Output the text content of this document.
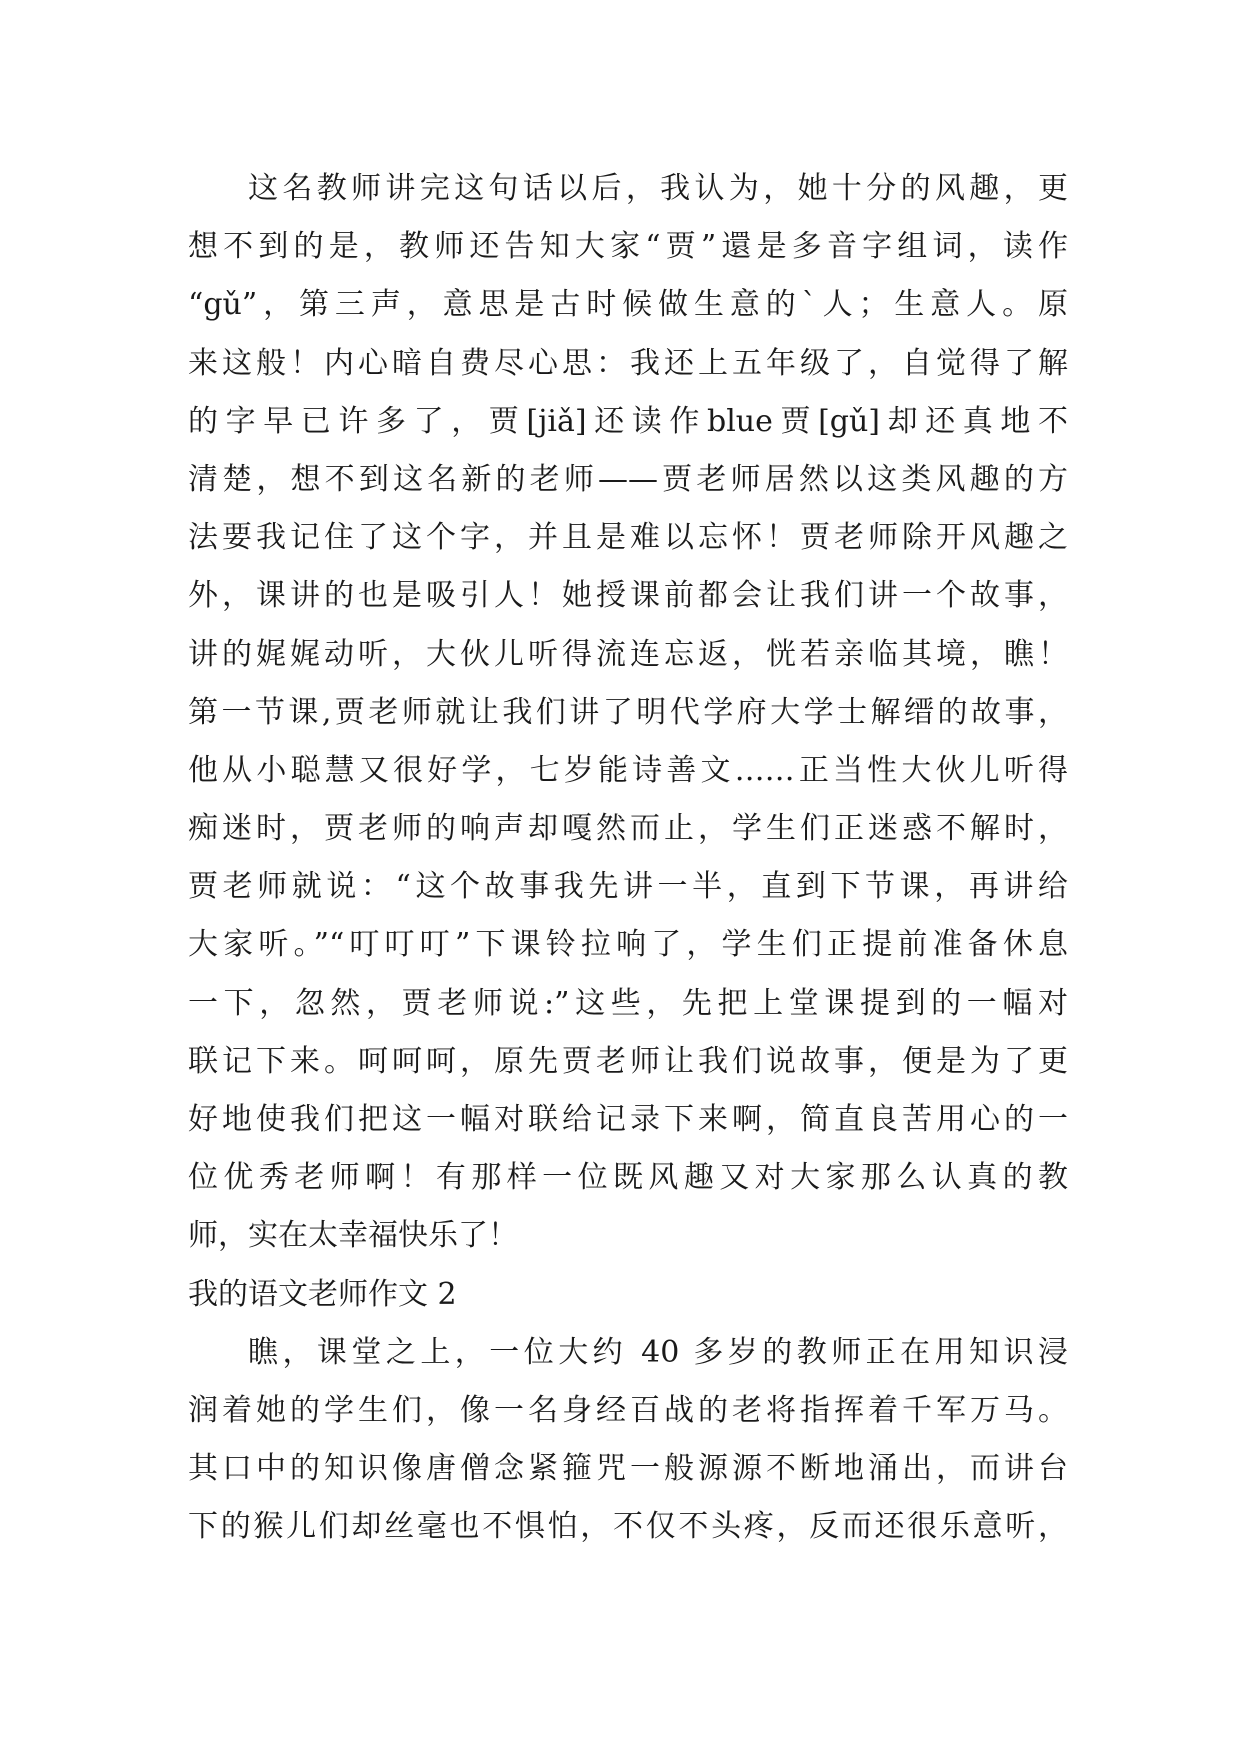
这名教师讲完这句话以后，我认为，她十分的风趣，更
想不到的是，教师还告知大家“贾”還是多音字组词，读作
“gǔ”，第三声，意思是古时候做生意的`人；生意人。原
来这般！内心暗自费尽心思：我还上五年级了，自觉得了解
的字早已许多了，贾[jiǎ]还读作blue贾[gǔ]却还真地不
清楚，想不到这名新的老师——贾老师居然以这类风趣的方
法要我记住了这个字，并且是难以忘怀！贾老师除开风趣之
外，课讲的也是吸引人！她授课前都会让我们讲一个故事，
讲的娓娓动听，大伙儿听得流连忘返，恍若亲临其境，瞧！
第一节课,贾老师就让我们讲了明代学府大学士解缙的故事，
他从小聪慧又很好学，七岁能诗善文……正当性大伙儿听得
痴迷时，贾老师的响声却嘎然而止，学生们正迷惑不解时，
贾老师就说：“这个故事我先讲一半，直到下节课，再讲给
大家听。”“叮叮叮”下课铃拉响了，学生们正提前准备休息
一下，忽然，贾老师说:”这些，先把上堂课提到的一幅对
联记下来。呵呵呵，原先贾老师让我们说故事，便是为了更
好地使我们把这一幅对联给记录下来啊，简直良苦用心的一
位优秀老师啊！有那样一位既风趣又对大家那么认真的教
师，实在太幸福快乐了！
我的语文老师作文 2
瞧，课堂之上，一位大约 40 多岁的教师正在用知识浸
润着她的学生们，像一名身经百战的老将指挥着千军万马。
其口中的知识像唐僧念紧箍咒一般源源不断地涌出，而讲台
下的猴儿们却丝毫也不惧怕，不仅不头疼，反而还很乐意听，
